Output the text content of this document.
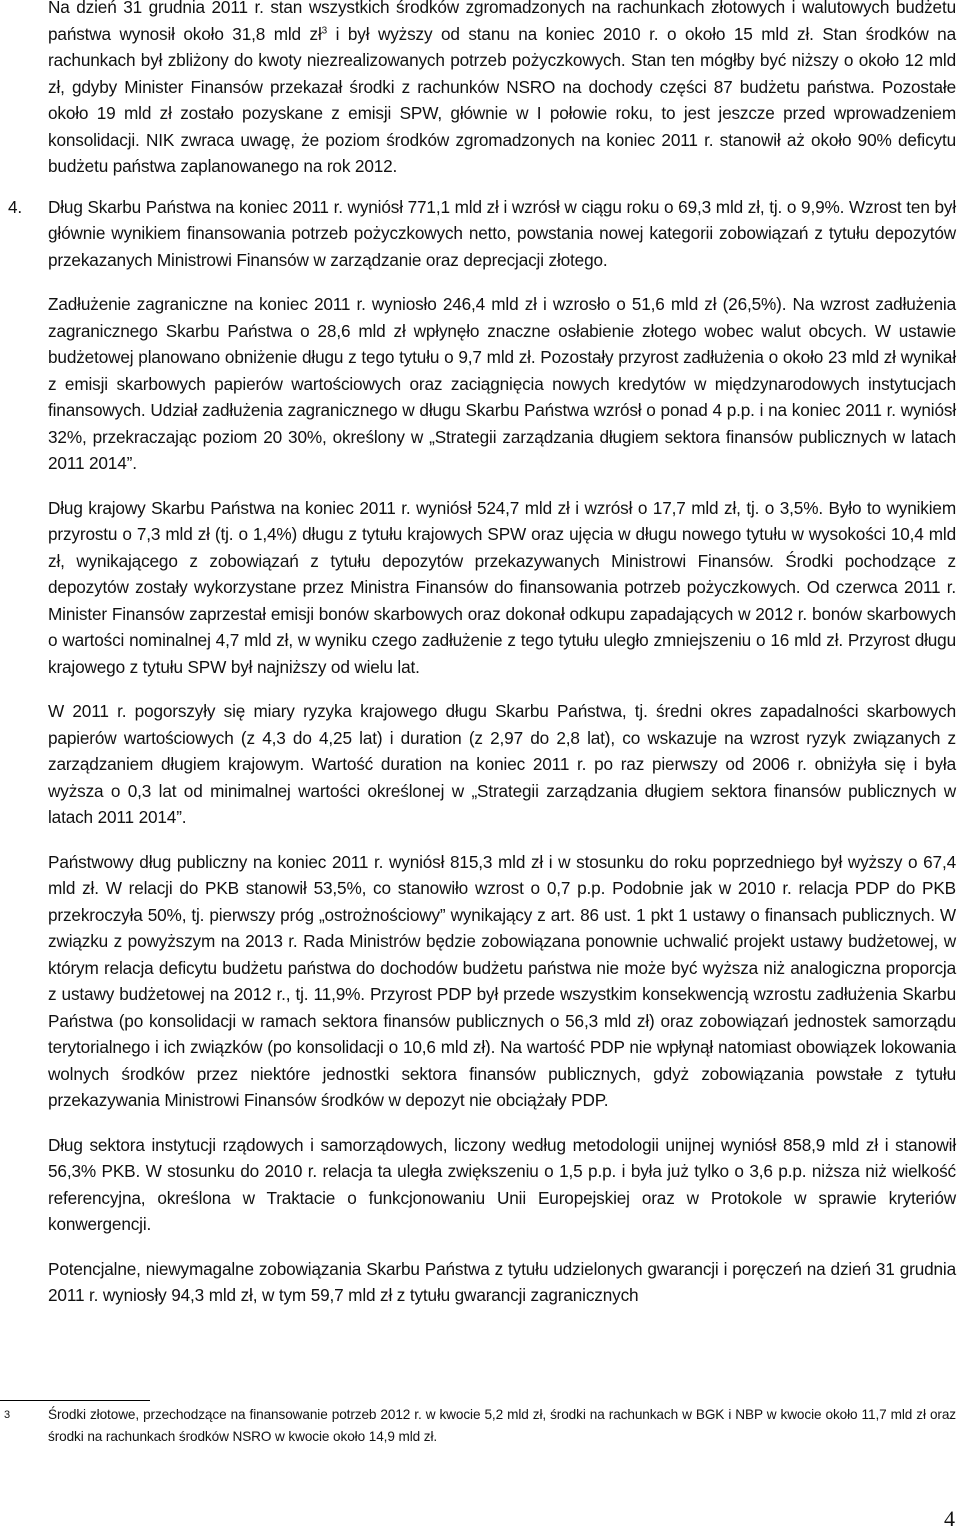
Na dzień 31 grudnia 2011 r. stan wszystkich środków zgromadzonych na rachunkach złotowych i walutowych budżetu państwa wynosił około 31,8 mld $zł^3$ i był wyższy od stanu na koniec 2010 r. o około 15 mld zł. Stan środków na rachunkach był zbliżony do kwoty niezrealizowanych potrzeb pożyczkowych. Stan ten mógłby być niższy o około 12 mld zł, gdyby Minister Finansów przekazał środki z rachunków NSRO na dochody części 87 budżetu państwa. Pozostałe około 19 mld zł zostało pozyskane z emisji SPW, głównie w I połowie roku, to jest jeszcze przed wprowadzeniem konsolidacji. NIK zwraca uwagę, że poziom środków zgromadzonych na koniec 2011 r. stanowił aż około 90% deficytu budżetu państwa zaplanowanego na rok 2012.

4. Dług Skarbu Państwa na koniec 2011 r. wyniósł 771,1 mld zł i wzrósł w ciągu roku o 69,3 mld zł, tj. o 9,9%. Wzrost ten był głównie wynikiem finansowania potrzeb pożyczkowych netto, powstania nowej kategorii zobowiązań z tytułu depozytów przekazanych Ministrowi Finansów w zarządzanie oraz deprecjacji złotego.

Zadłużenie zagraniczne na koniec 2011 r. wyniosło 246,4 mld zł i wzrosło o 51,6 mld zł (26,5%). Na wzrost zadłużenia zagranicznego Skarbu Państwa o 28,6 mld zł wpłynęło znaczne osłabienie złotego wobec walut obcych. W ustawie budżetowej planowano obniżenie długu z tego tytułu o 9,7 mld zł. Pozostały przyrost zadłużenia o około 23 mld zł wynikał z emisji skarbowych papierów wartościowych oraz zaciągnięcia nowych kredytów w międzynarodowych instytucjach finansowych. Udział zadłużenia zagranicznego w długu Skarbu Państwa wzrósł o ponad 4 p.p. i na koniec 2011 r. wyniósł 32%, przekraczając poziom 20 30%, określony w „Strategii zarządzania długiem sektora finansów publicznych w latach 2011 2014”.

Dług krajowy Skarbu Państwa na koniec 2011 r. wyniósł 524,7 mld zł i wzrósł o 17,7 mld zł, tj. o 3,5%. Było to wynikiem przyrostu o 7,3 mld zł (tj. o 1,4%) długu z tytułu krajowych SPW oraz ujęcia w długu nowego tytułu w wysokości 10,4 mld zł, wynikającego z zobowiązań z tytułu depozytów przekazywanych Ministrowi Finansów. Środki pochodzące z depozytów zostały wykorzystane przez Ministra Finansów do finansowania potrzeb pożyczkowych. Od czerwca 2011 r. Minister Finansów zaprzestał emisji bonów skarbowych oraz dokonał odkupu zapadających w 2012 r. bonów skarbowych o wartości nominalnej 4,7 mld zł, w wyniku czego zadłużenie z tego tytułu uległo zmniejszeniu o 16 mld zł. Przyrost długu krajowego z tytułu SPW był najniższy od wielu lat.

W 2011 r. pogorszyły się miary ryzyka krajowego długu Skarbu Państwa, tj. średni okres zapadalności skarbowych papierów wartościowych (z 4,3 do 4,25 lat) i duration (z 2,97 do 2,8 lat), co wskazuje na wzrost ryzyk związanych z zarządzaniem długiem krajowym. Wartość duration na koniec 2011 r. po raz pierwszy od 2006 r. obniżyła się i była wyższa o 0,3 lat od minimalnej wartości określonej w „Strategii zarządzania długiem sektora finansów publicznych w latach 2011 2014”.

Państwowy dług publiczny na koniec 2011 r. wyniósł 815,3 mld zł i w stosunku do roku poprzedniego był wyższy o 67,4 mld zł. W relacji do PKB stanowił 53,5%, co stanowiło wzrost o 0,7 p.p. Podobnie jak w 2010 r. relacja PDP do PKB przekroczyła 50%, tj. pierwszy próg „ostrożnościowy” wynikający z art. 86 ust. 1 pkt 1 ustawy o finansach publicznych. W związku z powyższym na 2013 r. Rada Ministrów będzie zobowiązana ponownie uchwalić projekt ustawy budżetowej, w którym relacja deficytu budżetu państwa do dochodów budżetu państwa nie może być wyższa niż analogiczna proporcja z ustawy budżetowej na 2012 r., tj. 11,9%. Przyrost PDP był przede wszystkim konsekwencją wzrostu zadłużenia Skarbu Państwa (po konsolidacji w ramach sektora finansów publicznych o 56,3 mld zł) oraz zobowiązań jednostek samorządu terytorialnego i ich związków (po konsolidacji o 10,6 mld zł). Na wartość PDP nie wpłynął natomiast obowiązek lokowania wolnych środków przez niektóre jednostki sektora finansów publicznych, gdyż zobowiązania powstałe z tytułu przekazywania Ministrowi Finansów środków w depozyt nie obciążały PDP.

Dług sektora instytucji rządowych i samorządowych, liczony według metodologii unijnej wyniósł 858,9 mld zł i stanowił 56,3% PKB. W stosunku do 2010 r. relacja ta uległa zwiększeniu o 1,5 p.p. i była już tylko o 3,6 p.p. niższa niż wielkość referencyjna, określona w Traktacie o funkcjonowaniu Unii Europejskiej oraz w Protokole w sprawie kryteriów konwergencji.

Potencjalne, niewymagalne zobowiązania Skarbu Państwa z tytułu udzielonych gwarancji i poręczeń na dzień 31 grudnia 2011 r. wyniosły 94,3 mld zł, w tym 59,7 mld zł z tytułu gwarancji zagranicznych

3	Środki złotowe, przechodzące na finansowanie potrzeb 2012 r. w kwocie 5,2 mld zł, środki na rachunkach w BGK i NBP w kwocie około 11,7 mld zł oraz środki na rachunkach środków NSRO w kwocie około 14,9 mld zł.
4
